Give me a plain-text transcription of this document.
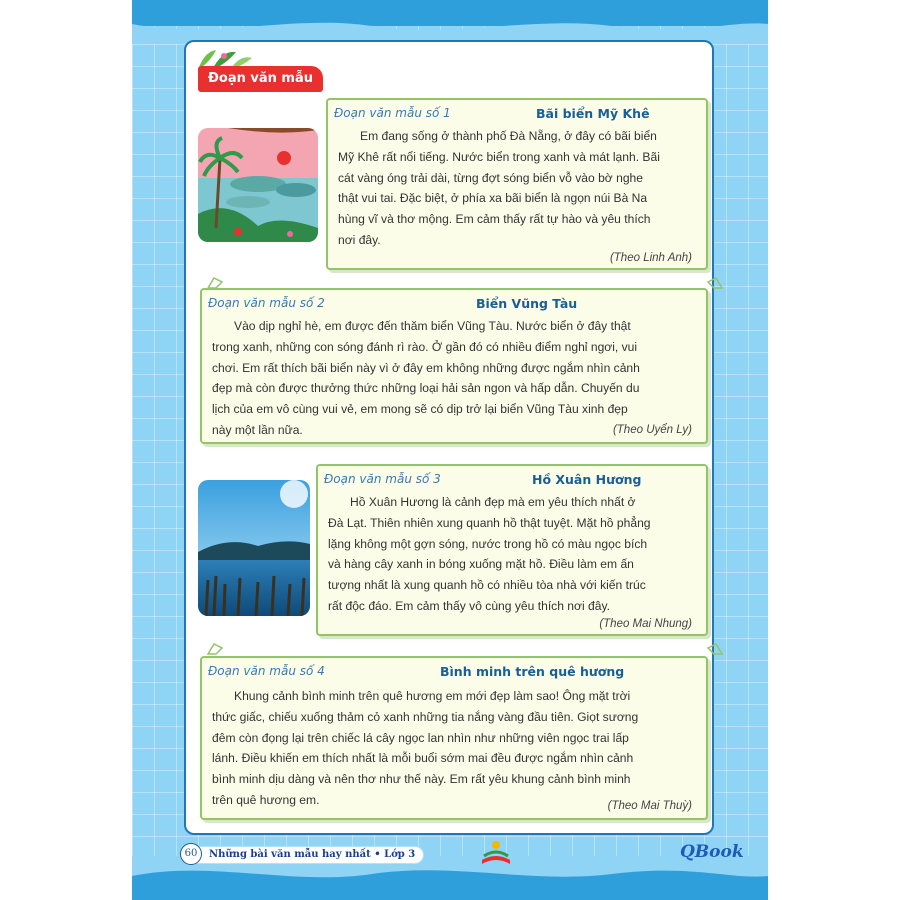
Đoạn văn mẫu
Đoạn văn mẫu số 1	Bãi biển Mỹ Khê
Em đang sống ở thành phố Đà Nẵng, ở đây có bãi biển
Mỹ Khê rất nổi tiếng. Nước biển trong xanh và mát lạnh. Bãi
cát vàng óng trải dài, từng đợt sóng biển vỗ vào bờ nghe
thật vui tai. Đặc biệt, ở phía xa bãi biển là ngọn núi Bà Na
hùng vĩ và thơ mộng. Em cảm thấy rất tự hào và yêu thích
nơi đây.
(Theo Linh Anh)
Đoạn văn mẫu số 2	Biển Vũng Tàu
Vào dịp nghỉ hè, em được đến thăm biển Vũng Tàu. Nước biển ở đây thật
trong xanh, những con sóng đánh rì rào. Ở gần đó có nhiều điểm nghỉ ngơi, vui
chơi. Em rất thích bãi biển này vì ở đây em không những được ngắm nhìn cảnh
đẹp mà còn được thưởng thức những loại hải sản ngon và hấp dẫn. Chuyến du
lịch của em vô cùng vui vẻ, em mong sẽ có dịp trở lại biển Vũng Tàu xinh đẹp
này một lần nữa.	(Theo Uyển Ly)
Đoạn văn mẫu số 3	Hồ Xuân Hương
Hồ Xuân Hương là cảnh đẹp mà em yêu thích nhất ở
Đà Lạt. Thiên nhiên xung quanh hồ thật tuyệt. Mặt hồ phẳng
lặng không một gợn sóng, nước trong hồ có màu ngọc bích
và hàng cây xanh in bóng xuống mặt hồ. Điều làm em ấn
tượng nhất là xung quanh hồ có nhiều tòa nhà với kiến trúc
rất độc đáo. Em cảm thấy vô cùng yêu thích nơi đây.
(Theo Mai Nhung)
Đoạn văn mẫu số 4	Bình minh trên quê hương
Khung cảnh bình minh trên quê hương em mới đẹp làm sao! Ông mặt trời
thức giấc, chiếu xuống thảm cỏ xanh những tia nắng vàng đầu tiên. Giọt sương
đêm còn đọng lại trên chiếc lá cây ngọc lan nhìn như những viên ngọc trai lấp
lánh. Điều khiến em thích nhất là mỗi buổi sớm mai đều được ngắm nhìn cảnh
bình minh dịu dàng và nên thơ như thế này. Em rất yêu khung cảnh bình minh
trên quê hương em.	(Theo Mai Thuỳ)
Những bài văn mẫu hay nhất • Lớp 3
60	QBook
